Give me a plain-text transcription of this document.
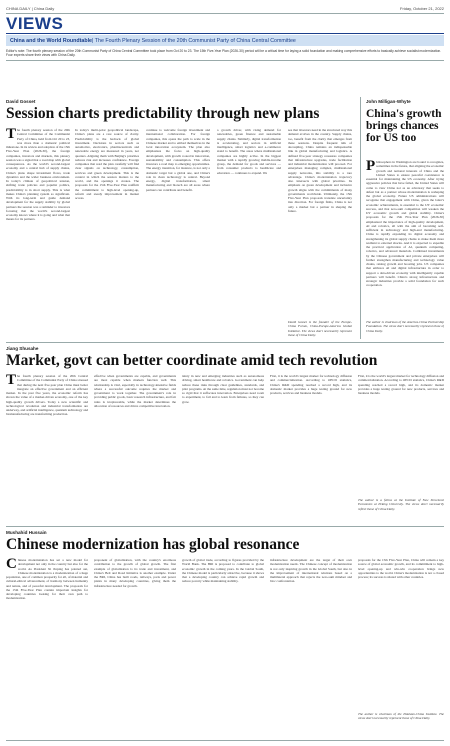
CHINA DAILY | China Daily	Friday, October 21, 2022
VIEWS
China and the World Roundtable | The Fourth Plenary Session of the 20th Communist Party of China Central Committee
Editor's note: The fourth plenary session of the 20th Communist Party of China Central Committee took place from Oct 20 to 23. The 15th Five-Year Plan (2026-30) period will be a critical time for laying a solid foundation and making comprehensive efforts to basically achieve socialist modernization. Four experts share their views with China Daily.
David Gosset
Session charts predictability through new plans
The fourth plenary session of the 20th Central Committee of the Communist Party of China, held from Oct 20 to 23, was more than a domestic political milestone. In its review and adoption of the 15th Five-Year Plan (2026-30), the foreign companies, investors and markets, this plenary session was a signal that a road map with global consequences. As the world's second-largest economy and a central hub of supply chains, China's plans shape investment flows, trade dynamics and the wider business environment. In today's climate of geopolitical tension, shifting trade policies and populist politics, predictability is in short supply. This is what makes China's planning system so significant. With its long-term and guide demand development for the supply stability by global partners the session was a reminder to investors focusing that the world's second-largest economy knows where it is going and what that means for its partners.
In today's multi-polar geopolitical landscape, China's plans are a rare source of clarity. Predictability is the bedrock of global investment. Decisions in sectors such as automotive, electronics, pharmaceuticals and renewable energy are measured in years, not quarters. Aligning them with Beijing's priorities reduces risk and increases confidence. Foreign companies that read the plan carefully will find clear signals on technology, consumption, services and green development. This is the context in which the session matters to the world, and the openings it creates. The proposals for the 15th Five-Year Plan reaffirm the commitment to high-level opening-up, reform and steady improvement in market access.
continue to welcome foreign investment and international collaboration. For foreign companies, this opens the path to scale in the Chinese market and to embed themselves in the local innovation ecosystem. The plan also emphasizes the focus on high-quality development, with growth rooted in innovation, sustainability and consumption. This offers investors a road map to emerging opportunities. The energy transition, for instance, is not only a domestic target but a global one, and China's role in clean technology is central. Beyond energy, digital transformation, smart manufacturing and biotech are all areas where partners can contribute and benefit.
a growth driver, with rising demand for renewables, green finance and sustainable supply chains. Similarly, digital transformation is accelerating, and sectors in artificial intelligence, smart logistics and e-commerce stand to benefit. The areas where multinational companies are highly active. In the biggest market with a rapidly growing middle-income group, the demand for goods and services — from consumer products to healthcare and education — continues to expand. We
see that investors need in the structured way this demand evolves in the country. Supply chains, too, benefit from the clarity that emerges from these sessions. Despite frequent talk of decoupling, China remains an indispensable link in global manufacturing and logistics. A defined five-year strategy reassures companies that infrastructure upgrades, trade facilitation and industrial modernization will proceed. For enterprises managing complex, multinational supply networks, this stability is a rare advantage. China's modernization trajectory also intersects with global priorities. Its emphasis on green development and inclusive growth aligns with the commitments of many governments worldwide. Ultimately, the 15th Five-Year Plan proposals translate uncertainty into direction. For foreign firms, China is not only a market but a partner in shaping the future.
David Gosset is the founder of the Europe-China Forum, China-Europe-America Global Initiative. The views don't necessarily represent those of China Daily.
John Milligan-Whyte
China's growth brings chances for US too
Philosophers in Washington are bound to recognize, sometimes in the future, that aligning the economic growth and national interests of China and the United States to ensure peaceful coexistence is essential for maintaining the US economy. After trying aggressive policies that have failed, the United States will come to view China not as an adversary that seeks to defeat but as a partner whose modernization is reshaping the global economy. Future US administrations will recognize that engagement with China, given the latter's economic achievements, is essential to the US' economic success, and that zero-sum competition will weaken the US' economic growth and global stability. China's proposals for the 15th Five-Year Plan (2026-30) emphasized the importance of high-quality development, AI and robotics, all with the aim of becoming self-sufficient in technology and high-end manufacturing. China is rapidly expanding its digital economy and strengthening its global supply chains to make them more resilient to external shocks. And it is expected to expedite the practical application of AI, quantum computing, robotics, and advanced materials. Combined investments by the Chinese government and private enterprises will further strengthen manufacturing and technology value chains, raising growth and boosting jobs. US companies that embrace AI and digital infrastructure in order to support a data-driven economy with intelligently capable partners will benefit. China's strong infrastructure and strategic industries provide a solid foundation for such cooperation.
The author is chairman of the America-China Partnership Foundation. The views don't necessarily represent those of China Daily.
Jiang Shusahe
Market, govt can better coordinate amid tech revolution
The fourth plenary session of the 20th Central Committee of the Communist Party of China stressed that during the next five-year plan China must better integrate an effective government and an efficient market. In the past five years, the economic reform has shown the value of a market-driven economy, one of the key high-quality growth drivers. Today a new scientific and technological revolution and industrial transformation are underway, and artificial intelligence, quantum technology and biomanufacturing are transforming production.
effective when governments are capable, and governments are most capable when markets function well. This relationship is vital, especially in technology-intensive fields where a successful outcome requires the market and government to work together. The government's role in providing public goods, basic research infrastructure, and fair rules is irreplaceable, while the market determines the allocation of resources and drives competitive innovation.
tainty in new and emerging industries such as autonomous driving, smart healthcare and robotics. Government can help reduce these risks through clear guidelines, standards, and pilot programs. At the same time, regulation must not become so rigid that it suffocates innovation. Enterprises need room to experiment, to fail and to learn from failures, so they can grow.
First, it is the world's largest market for technology diffusion and commercialization. According to OECD statistics, China's R&D spending reached a record high, and its domestic market provides a huge testing ground for new products, services and business models.
First, it is the world's largest market for technology diffusion and commercialization. According to OECD statistics, China's R&D spending reached a record high, and its domestic market provides a huge testing ground for new products, services and business models.
The author is a fellow at the Institute of New Structural Economics at Peking University. The views don't necessarily reflect those of China Daily.
Mushahid Hussain
Chinese modernization has global resonance
Chinese modernization has set a new model for development not only in the country but also for the world. As President Xi Jinping has pointed out, Chinese modernization is a modernization of a huge population, one of common prosperity for all, of material and cultural-ethical advancement, of harmony between humanity and nature, and of peaceful development. The proposals for the 15th Five-Year Plan contain important insights for developing countries looking for their own path to modernization.
proponent of globalization, with the country's enormous contribution to the growth of global growth. The first example of globalization is its trade and investment, and China's Belt and Road Initiative is another example. Under the BRI, China has built roads, railways, ports and power plants in many developing countries, giving them the infrastructure needed for growth.
growth of global trade, according to figures provided by the World Bank. The BRI is proposed to contribute to global economic growth in the coming years. In the Global South, the Chinese model is particularly attractive, because it shows that a developing country can achieve rapid growth and reduce poverty while maintaining stability.
infrastructure development are the target of their own modernization needs. The Chinese concept of modernization is not only inspiring growth in the Global South, but also in the improvement of international relations based on a multilateral approach that rejects the zero-sum mindset and bloc confrontation.
proposals for the 15th Five-Year Plan, China will remain a key source of global economic growth, and its commitment to high-level opening-up and win-win cooperation brings new opportunities to the world. China's modernization is not a closed process; its success is shared with other countries.
The author is chairman of the Pakistan-China Institute. The views don't necessarily represent those of China Daily.
